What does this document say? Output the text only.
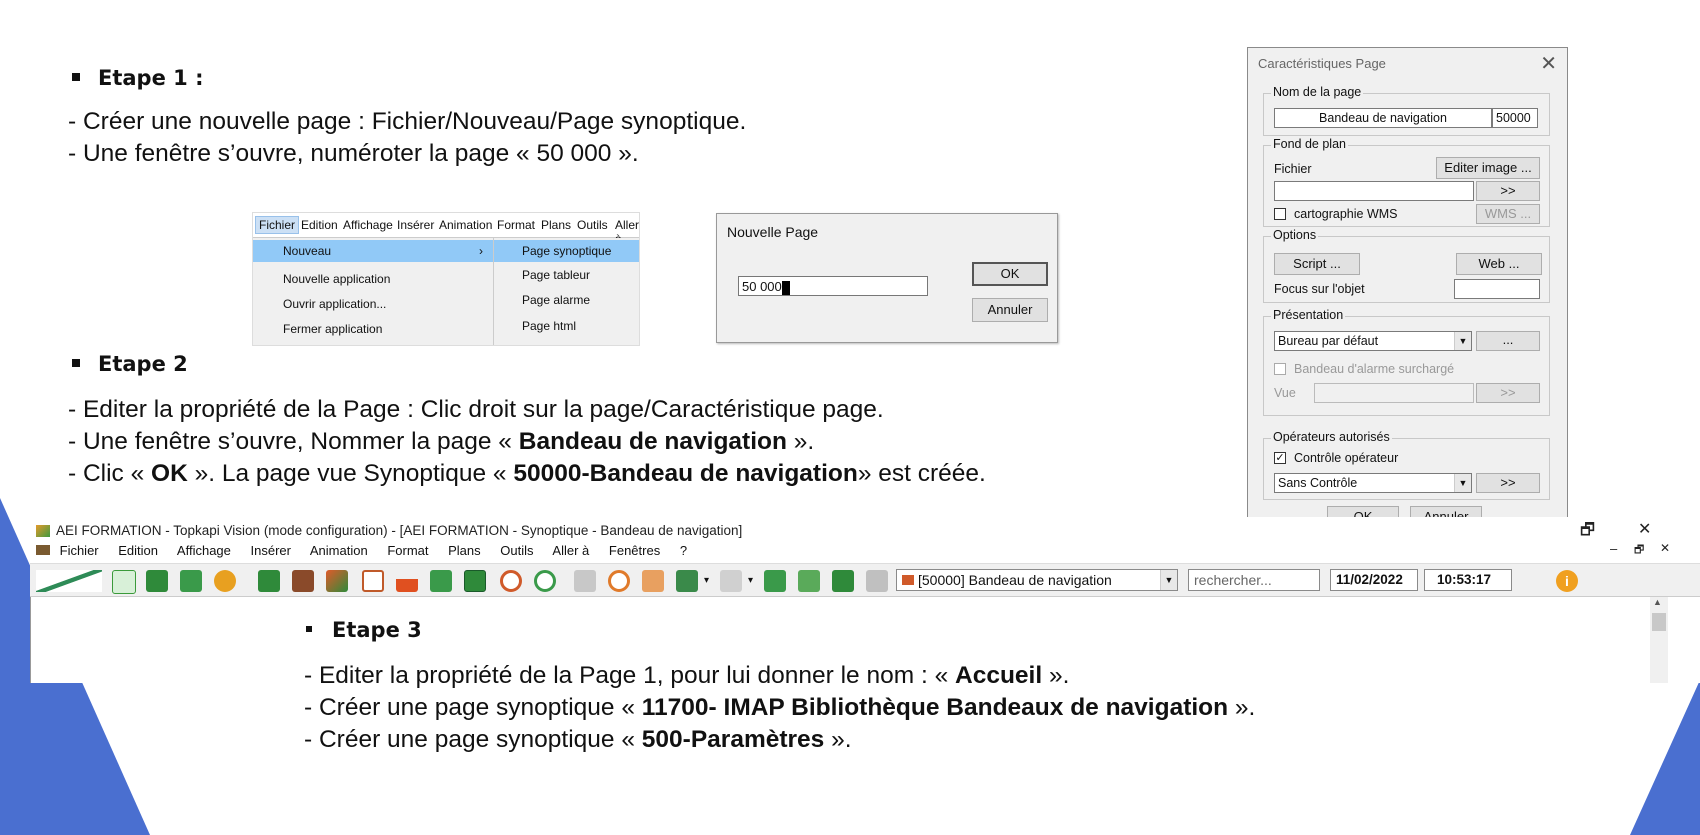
Etape 1 :
- Créer une nouvelle page : Fichier/Nouveau/Page synoptique.
- Une fenêtre s’ouvre, numéroter la page « 50 000 ».
Fichier Edition Affichage Insérer Animation Format Plans Outils Aller
Nouveau	›
Nouvelle application
Ouvrir application...
Fermer application
Page synoptique
Page tableur
Page alarme
Page html
Nouvelle Page
50 000
OK
Annuler
Etape 2
- Editer la propriété de la Page : Clic droit sur la page/Caractéristique page.
- Une fenêtre s’ouvre, Nommer la page « Bandeau de navigation ».
- Clic « OK ». La page vue Synoptique « 50000-Bandeau de navigation» est créée.
Caractéristiques Page	✕
Nom de la page
Bandeau de navigation	50000
Fond de plan
Fichier	Editer image ...
>>
cartographie WMS	WMS ...
Options
Script ...	Web ...
Focus sur l'objet
Présentation
Bureau par défaut	▼	...
Bandeau d'alarme surchargé
Vue	>>
Opérateurs autorisés
✓ Contrôle opérateur
Sans Contrôle	▼	>>
AEI FORMATION - Topkapi Vision (mode configuration) - [AEI FORMATION - Synoptique - Bandeau de navigation]	🗗	✕
– 🗗 ✕
Fichier Edition Affichage Insérer Animation Format Plans Outils Aller à Fenêtres ?
▾	▾	[50000] Bandeau de navigation	▼	rechercher...	11/02/2022	10:53:17	i
▲
Etape 3
- Editer la propriété de la Page 1, pour lui donner le nom : « Accueil ».
- Créer une page synoptique « 11700- IMAP Bibliothèque Bandeaux de navigation ».
- Créer une page synoptique « 500-Paramètres ».
